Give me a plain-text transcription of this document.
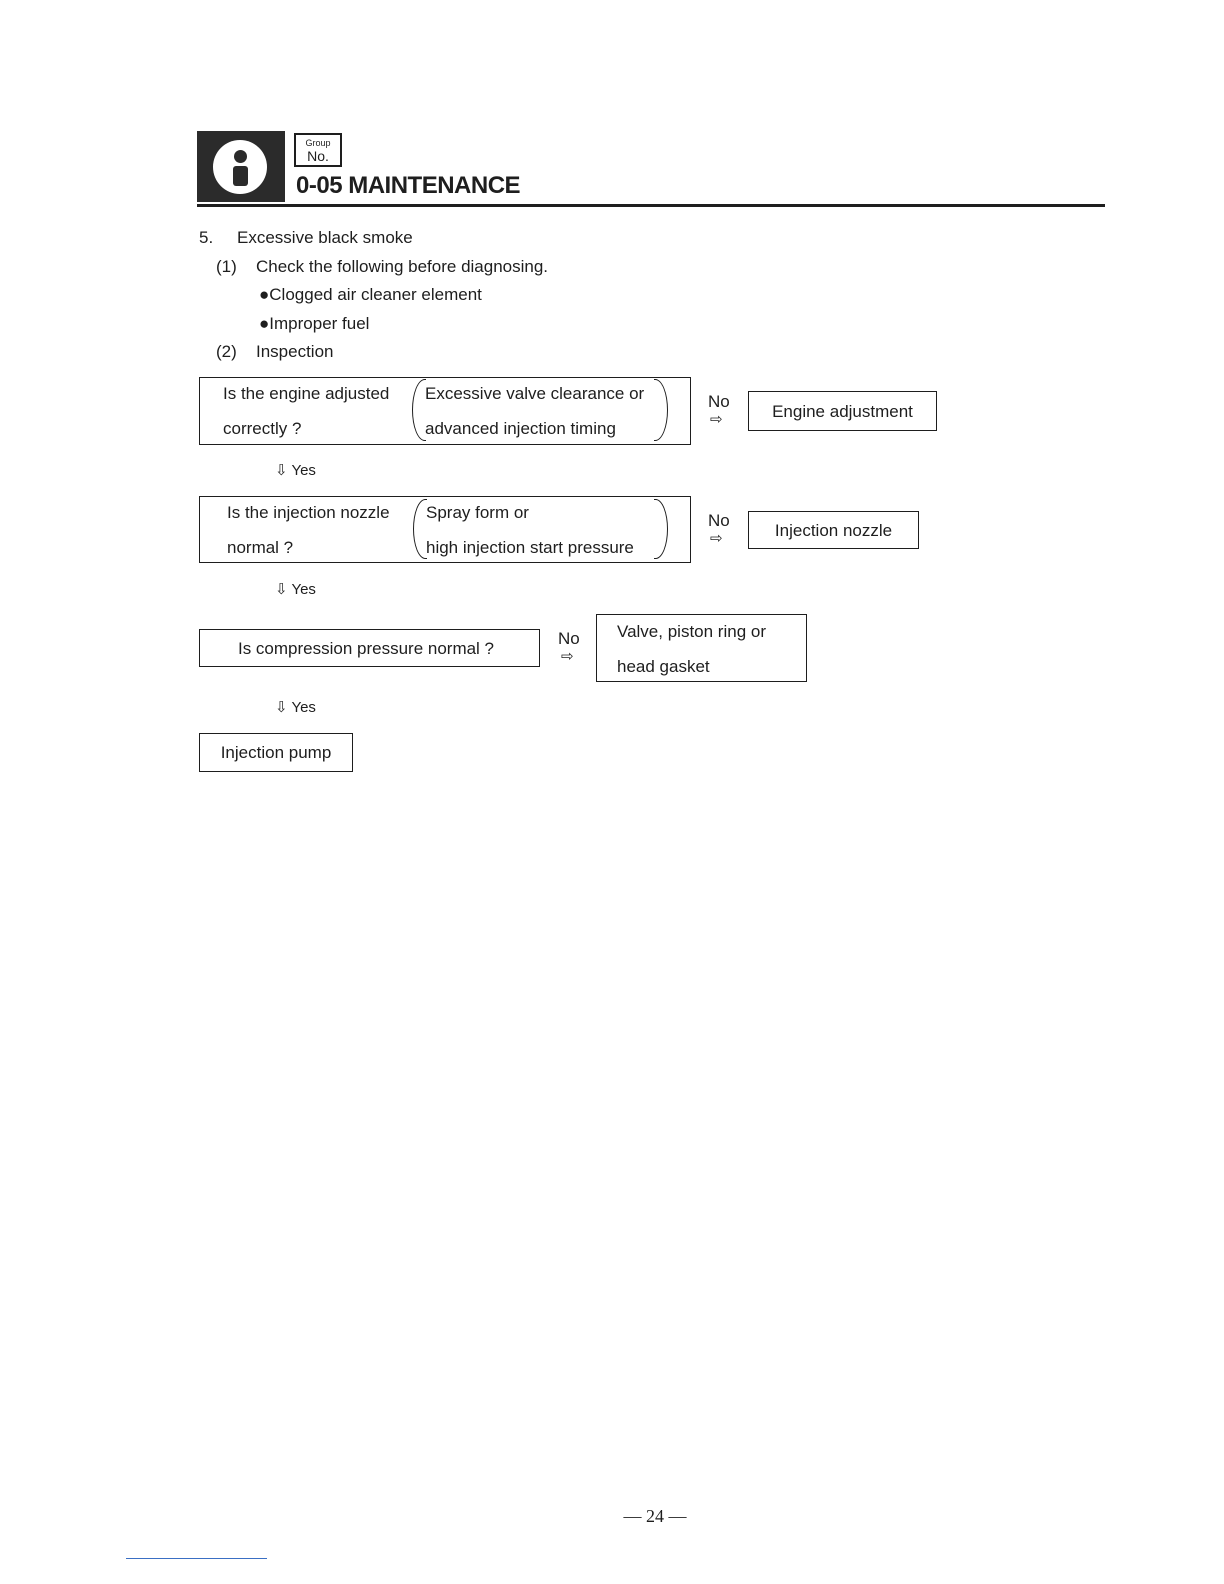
Group
No.
0-05 MAINTENANCE
5. Excessive black smoke
(1) Check the following before diagnosing.
●Clogged air cleaner element
●Improper fuel
(2) Inspection
Is the engine adjusted
correctly ?
Excessive valve clearance or
advanced injection timing
No
⇨	Engine adjustment
⇩ Yes
Is the injection nozzle
normal ?
Spray form or
high injection start pressure
No
⇨	Injection nozzle
⇩ Yes
Is compression pressure normal ?
No
⇨
Valve, piston ring or
head gasket
⇩ Yes
Injection pump
— 24 —
